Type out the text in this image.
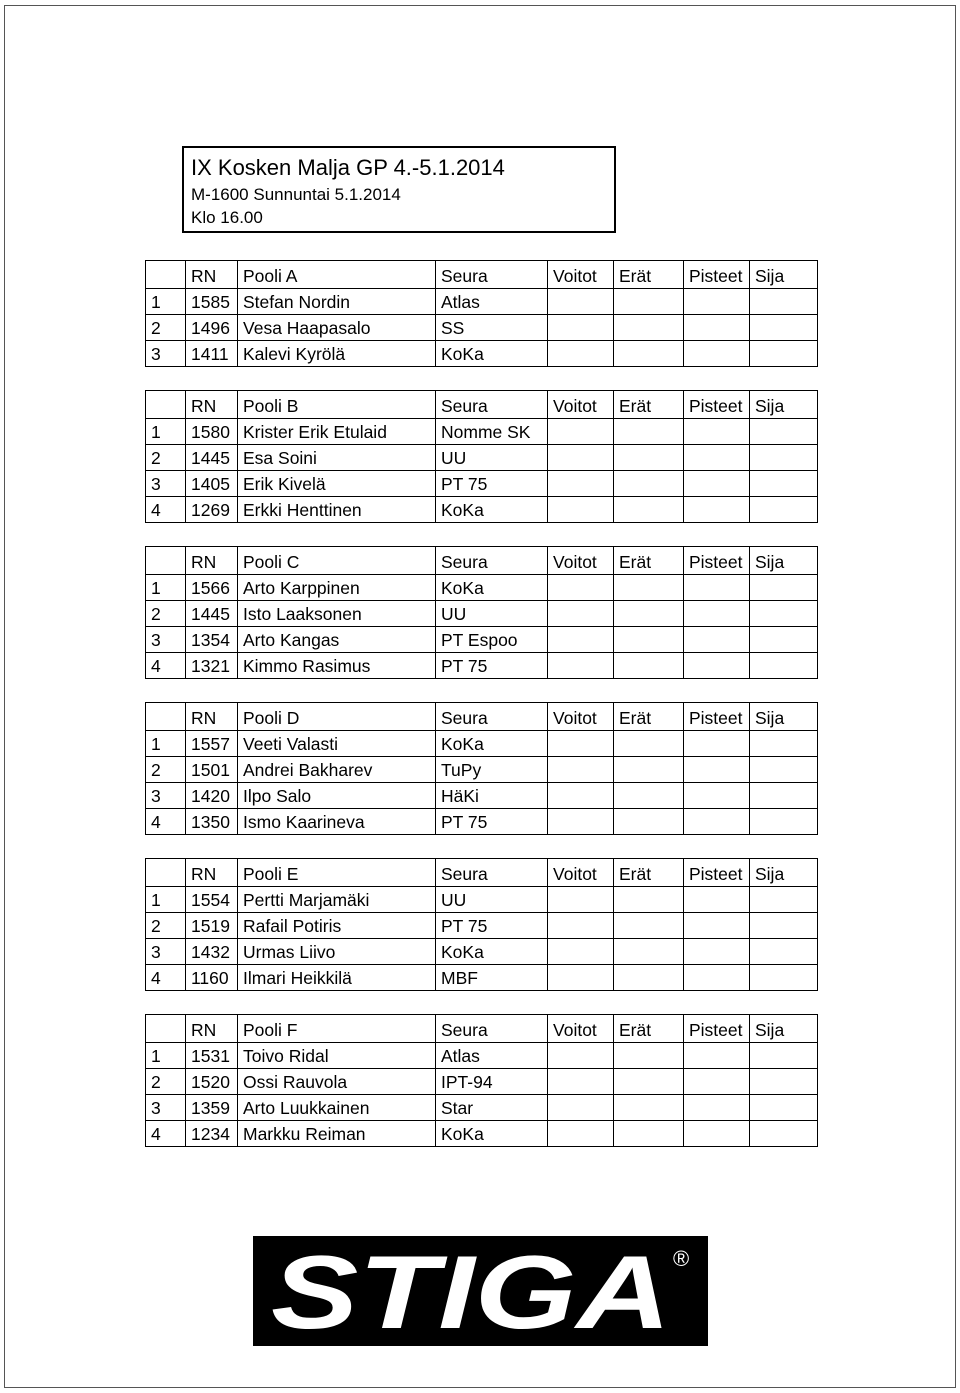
IX Kosken Malja GP 4.-5.1.2014
M-1600 Sunnuntai 5.1.2014
Klo 16.00
	RN	Pooli A	Seura	Voitot	Erät	Pisteet	Sija
1	1585	Stefan Nordin	Atlas				
2	1496	Vesa Haapasalo	SS				
3	1411	Kalevi Kyrölä	KoKa				
	RN	Pooli B	Seura	Voitot	Erät	Pisteet	Sija
1	1580	Krister Erik Etulaid	Nomme SK				
2	1445	Esa Soini	UU				
3	1405	Erik Kivelä	PT 75				
4	1269	Erkki Henttinen	KoKa				
	RN	Pooli C	Seura	Voitot	Erät	Pisteet	Sija
1	1566	Arto Karppinen	KoKa				
2	1445	Isto Laaksonen	UU				
3	1354	Arto Kangas	PT Espoo				
4	1321	Kimmo Rasimus	PT 75				
	RN	Pooli D	Seura	Voitot	Erät	Pisteet	Sija
1	1557	Veeti Valasti	KoKa				
2	1501	Andrei Bakharev	TuPy				
3	1420	Ilpo Salo	HäKi				
4	1350	Ismo Kaarineva	PT 75				
	RN	Pooli E	Seura	Voitot	Erät	Pisteet	Sija
1	1554	Pertti Marjamäki	UU				
2	1519	Rafail Potiris	PT 75				
3	1432	Urmas Liivo	KoKa				
4	1160	Ilmari Heikkilä	MBF				
	RN	Pooli F	Seura	Voitot	Erät	Pisteet	Sija
1	1531	Toivo Ridal	Atlas				
2	1520	Ossi Rauvola	IPT-94				
3	1359	Arto Luukkainen	Star				
4	1234	Markku Reiman	KoKa				
STIGA ®
